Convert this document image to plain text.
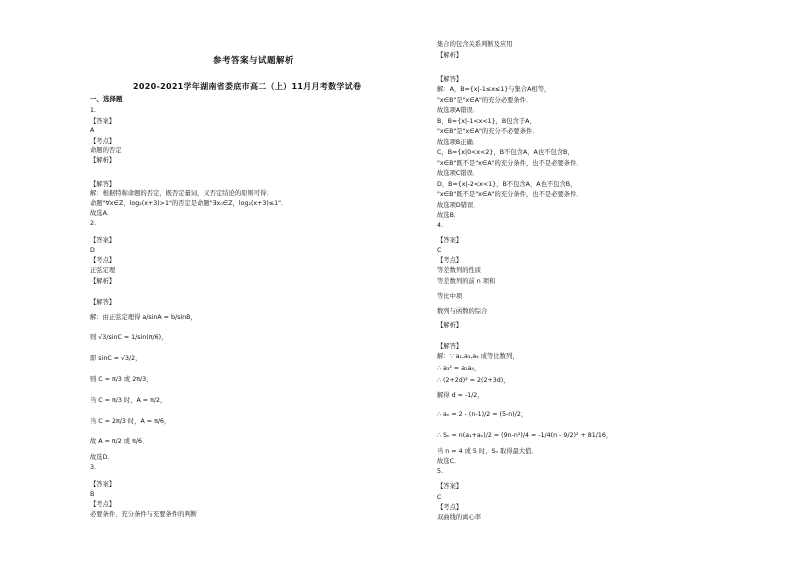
参考答案与试题解析
2020-2021学年湖南省娄底市高二（上）11月月考数学试卷
一、选择题
1.
【答案】
A
【考点】
命题的否定
【解析】
【解答】
解：根据特称命题的否定，既否定量词，又否定结论的原则可得：
命题"∀x∈Z，log₂(x+3)>1"的否定是命题"∃x₀∈Z，log₂(x+3)≤1"．
故选A．
2.
【答案】
D
【考点】
正弦定理
【解析】
【解答】
解：由正弦定理得 a/sinA = b/sinB，
则 √3/sinC = 1/sin(π/6)，
即 sinC = √3/2，
则 C = π/3 或 2π/3，
当 C = π/3 时，A = π/2，
当 C = 2π/3 时，A = π/6，
故 A = π/2 或 π/6．
故选D．
3.
【答案】
B
【考点】
必要条件、充分条件与充要条件的判断
集合的包含关系判断及应用
【解析】
【解答】
解：A，B={x|-1≤x≤1}与集合A相等，
"x∈B"是"x∈A"的充分必要条件．
故选项A错误．
B，B={x|-1<x<1}，B包含于A，
"x∈B"是"x∈A"的充分不必要条件．
故选项B正确．
C，B={x|0<x<2}，B不包含A，A也不包含B，
"x∈B"既不是"x∈A"的充分条件，也不是必要条件．
故选项C错误．
D，B={x|-2<x<1}，B不包含A，A也不包含B，
"x∈B"既不是"x∈A"的充分条件，也不是必要条件．
故选项D错误．
故选B．
4.
【答案】
C
【考点】
等差数列的性质
等差数列的前 n 项和
等比中项
数列与函数的综合
【解析】
【解答】
解：∵ a₁,a₃,a₄ 成等比数列，
∴ a₃² = a₁a₄，
∴ (2+2d)² = 2(2+3d)，
解得 d = -1/2，
∴ aₙ = 2 - (n-1)/2 = (5-n)/2，
∴ Sₙ = n(a₁+aₙ)/2 = (9n-n²)/4 = -1/4(n - 9/2)² + 81/16，
当 n = 4 或 5 时，Sₙ 取得最大值．
故选C．
5.
【答案】
C
【考点】
双曲线的离心率
